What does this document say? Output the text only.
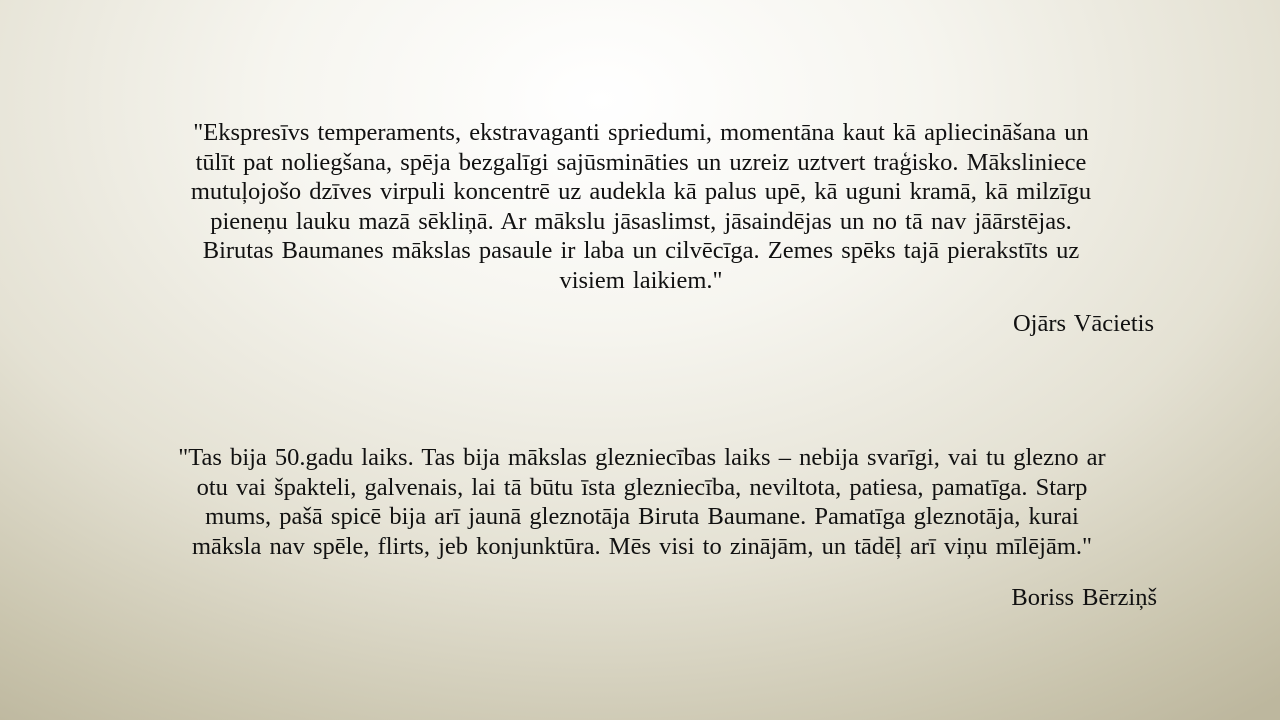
"Ekspresīvs temperaments, ekstravaganti spriedumi, momentāna kaut kā apliecināšana un
tūlīt pat noliegšana, spēja bezgalīgi sajūsmināties un uzreiz uztvert traģisko. Māksliniece
mutuļojošo dzīves virpuli koncentrē uz audekla kā palus upē, kā uguni kramā, kā milzīgu
pieneņu lauku mazā sēkliņā. Ar mākslu jāsaslimst, jāsaindējas un no tā nav jāārstējas.
Birutas Baumanes mākslas pasaule ir laba un cilvēcīga. Zemes spēks tajā pierakstīts uz
visiem laikiem."

Ojārs Vācietis

"Tas bija 50.gadu laiks. Tas bija mākslas glezniecības laiks – nebija svarīgi, vai tu glezno ar
otu vai špakteli, galvenais, lai tā būtu īsta glezniecība, neviltota, patiesa, pamatīga. Starp
mums, pašā spicē bija arī jaunā gleznotāja Biruta Baumane. Pamatīga gleznotāja, kurai
māksla nav spēle, flirts, jeb konjunktūra. Mēs visi to zinājām, un tādēļ arī viņu mīlējām."

Boriss Bērziņš
